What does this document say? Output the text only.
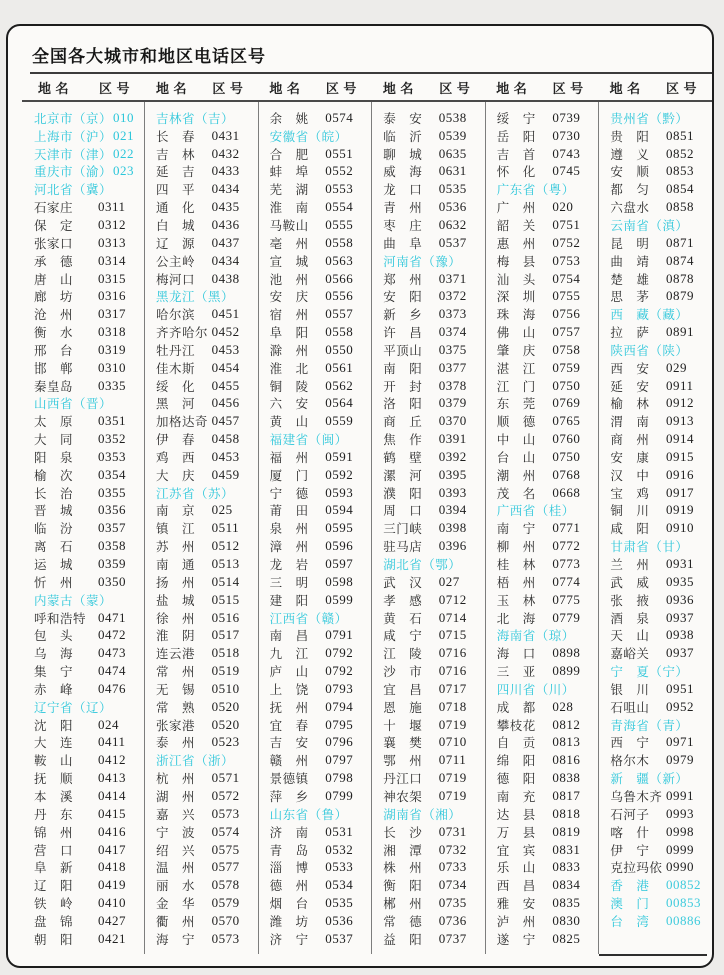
全国各大城市和地区电话区号
地 名	区 号	地 名	区 号	地 名	区 号	地 名	区 号	地 名	区 号	地 名	区 号
北京市（京） 010
上海市（沪） 021
天津市（津） 022
重庆市（渝） 023
河北省（冀）
石家庄	0311
保　定	0312
张家口	0313
承　德	0314
唐　山	0315
廊　坊	0316
沧　州	0317
衡　水	0318
邢　台	0319
邯　郸	0310
秦皇岛	0335
山西省（晋）
太　原	0351
大　同	0352
阳　泉	0353
榆　次	0354
长　治	0355
晋　城	0356
临　汾	0357
离　石	0358
运　城	0359
忻　州	0350
内蒙古（蒙）
呼和浩特 0471
包　头	0472
乌　海	0473
集　宁	0474
赤　峰	0476
辽宁省（辽）
沈　阳	024
大　连	0411
鞍　山	0412
抚　顺	0413
本　溪	0414
丹　东	0415
锦　州	0416
营　口	0417
阜　新	0418
辽　阳	0419
铁　岭	0410
盘　锦	0427
朝　阳	0421
吉林省（吉）
长　春	0431
吉　林	0432
延　吉	0433
四　平	0434
通　化	0435
白　城	0436
辽　源	0437
公主岭	0434
梅河口	0438
黑龙江（黑）
哈尔滨	0451
齐齐哈尔 0452
牡丹江	0453
佳木斯	0454
绥　化	0455
黑　河	0456
加格达奇 0457
伊　春	0458
鸡　西	0453
大　庆	0459
江苏省（苏）
南　京	025
镇　江	0511
苏　州	0512
南　通	0513
扬　州	0514
盐　城	0515
徐　州	0516
淮　阴	0517
连云港	0518
常　州	0519
无　锡	0510
常　熟	0520
张家港	0520
泰　州	0523
浙江省（浙）
杭　州	0571
湖　州	0572
嘉　兴	0573
宁　波	0574
绍　兴	0575
温　州	0577
丽　水	0578
金　华	0579
衢　州	0570
海　宁	0573
余　姚	0574
安徽省（皖）
合　肥	0551
蚌　埠	0552
芜　湖	0553
淮　南	0554
马鞍山	0555
亳　州	0558
宣　城	0563
池　州	0566
安　庆	0556
宿　州	0557
阜　阳	0558
滁　州	0550
淮　北	0561
铜　陵	0562
六　安	0564
黄　山	0559
福建省（闽）
福　州	0591
厦　门	0592
宁　德	0593
莆　田	0594
泉　州	0595
漳　州	0596
龙　岩	0597
三　明	0598
建　阳	0599
江西省（赣）
南　昌	0791
九　江	0792
庐　山	0792
上　饶	0793
抚　州	0794
宜　春	0795
吉　安	0796
赣　州	0797
景德镇	0798
萍　乡	0799
山东省（鲁）
济　南	0531
青　岛	0532
淄　博	0533
德　州	0534
烟　台	0535
潍　坊	0536
济　宁	0537
泰　安	0538
临　沂	0539
聊　城	0635
威　海	0631
龙　口	0535
青　州	0536
枣　庄	0632
曲　阜	0537
河南省（豫）
郑　州	0371
安　阳	0372
新　乡	0373
许　昌	0374
平顶山	0375
南　阳	0377
开　封	0378
洛　阳	0379
商　丘	0370
焦　作	0391
鹤　壁	0392
漯　河	0395
濮　阳	0393
周　口	0394
三门峡	0398
驻马店	0396
湖北省（鄂）
武　汉	027
孝　感	0712
黄　石	0714
咸　宁	0715
江　陵	0716
沙　市	0716
宜　昌	0717
恩　施	0718
十　堰	0719
襄　樊	0710
鄂　州	0711
丹江口	0719
神农架	0719
湖南省（湘）
长　沙	0731
湘　潭	0732
株　州	0733
衡　阳	0734
郴　州	0735
常　德	0736
益　阳	0737
绥　宁	0739
岳　阳	0730
吉　首	0743
怀　化	0745
广东省（粤）
广　州	020
韶　关	0751
惠　州	0752
梅　县	0753
汕　头	0754
深　圳	0755
珠　海	0756
佛　山	0757
肇　庆	0758
湛　江	0759
江　门	0750
东　莞	0769
顺　德	0765
中　山	0760
台　山	0750
潮　州	0768
茂　名	0668
广西省（桂）
南　宁	0771
柳　州	0772
桂　林	0773
梧　州	0774
玉　林	0775
北　海	0779
海南省（琼）
海　口	0898
三　亚	0899
四川省（川）
成　都	028
攀枝花	0812
自　贡	0813
绵　阳	0816
德　阳	0838
南　充	0817
达　县	0818
万　县	0819
宜　宾	0831
乐　山	0833
西　昌	0834
雅　安	0835
泸　州	0830
遂　宁	0825
贵州省（黔）
贵　阳	0851
遵　义	0852
安　顺	0853
都　匀	0854
六盘水	0858
云南省（滇）
昆　明	0871
曲　靖	0874
楚　雄	0878
思　茅	0879
西　藏（藏）
拉　萨	0891
陕西省（陕）
西　安	029
延　安	0911
榆　林	0912
渭　南	0913
商　州	0914
安　康	0915
汉　中	0916
宝　鸡	0917
铜　川	0919
咸　阳	0910
甘肃省（甘）
兰　州	0931
武　威	0935
张　掖	0936
酒　泉	0937
天　山	0938
嘉峪关	0937
宁　夏（宁）
银　川	0951
石咀山	0952
青海省（青）
西　宁	0971
格尔木	0979
新　疆（新）
乌鲁木齐 0991
石河子	0993
喀　什	0998
伊　宁	0999
克拉玛依 0990
香　港	00852
澳　门	00853
台　湾	00886
